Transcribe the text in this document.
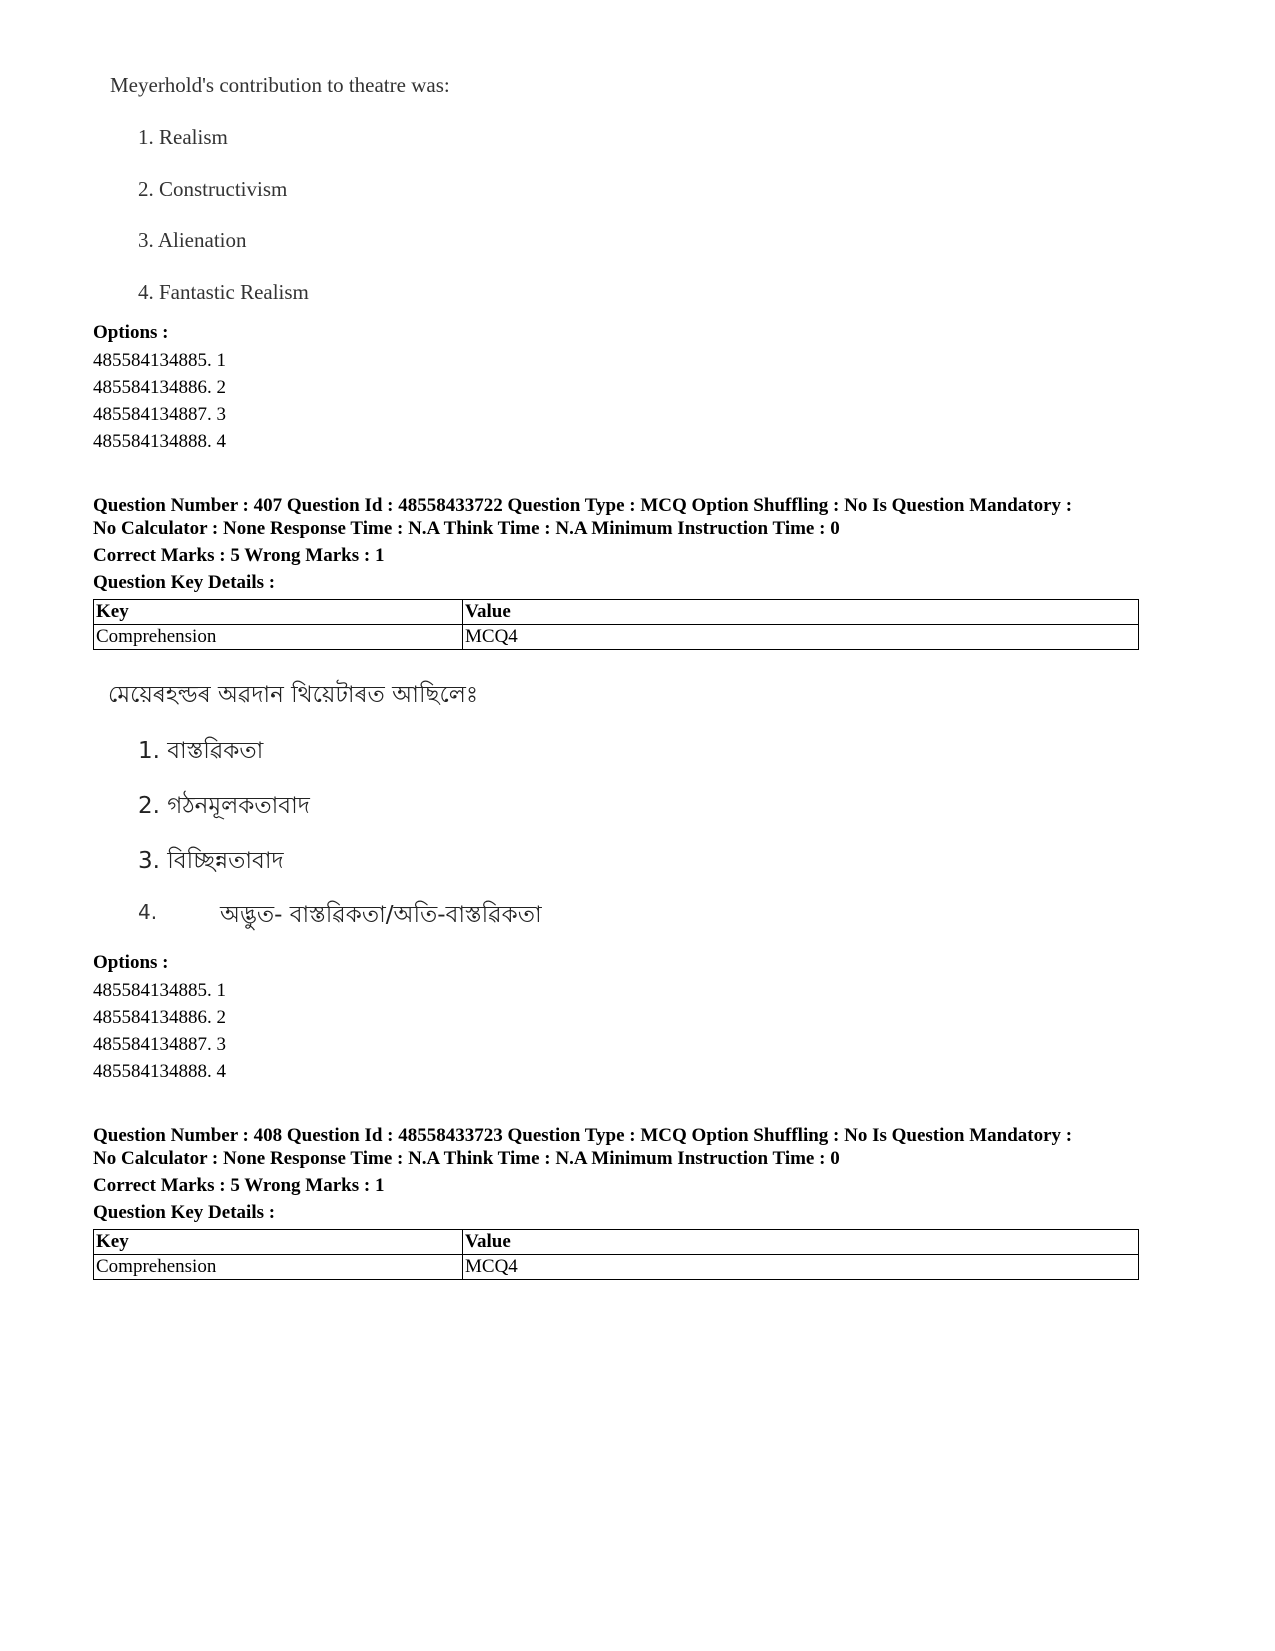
Meyerhold's contribution to theatre was:
1. Realism
2. Constructivism
3. Alienation
4. Fantastic Realism
Options :
485584134885. 1
485584134886. 2
485584134887. 3
485584134888. 4
Question Number : 407 Question Id : 48558433722 Question Type : MCQ Option Shuffling : No Is Question Mandatory :
No Calculator : None Response Time : N.A Think Time : N.A Minimum Instruction Time : 0
Correct Marks : 5 Wrong Marks : 1
Question Key Details :
Key	Value
Comprehension	MCQ4
মেয়েৰহল্ডৰ অৱদান থিয়েটাৰত আছিলেঃ
1. বাস্তৱিকতা
2. গঠনমূলকতাবাদ
3. বিচ্ছিন্নতাবাদ
4.	অদ্ভুত- বাস্তৱিকতা/অতি-বাস্তৱিকতা
Options :
485584134885. 1
485584134886. 2
485584134887. 3
485584134888. 4
Question Number : 408 Question Id : 48558433723 Question Type : MCQ Option Shuffling : No Is Question Mandatory :
No Calculator : None Response Time : N.A Think Time : N.A Minimum Instruction Time : 0
Correct Marks : 5 Wrong Marks : 1
Question Key Details :
Key	Value
Comprehension	MCQ4
